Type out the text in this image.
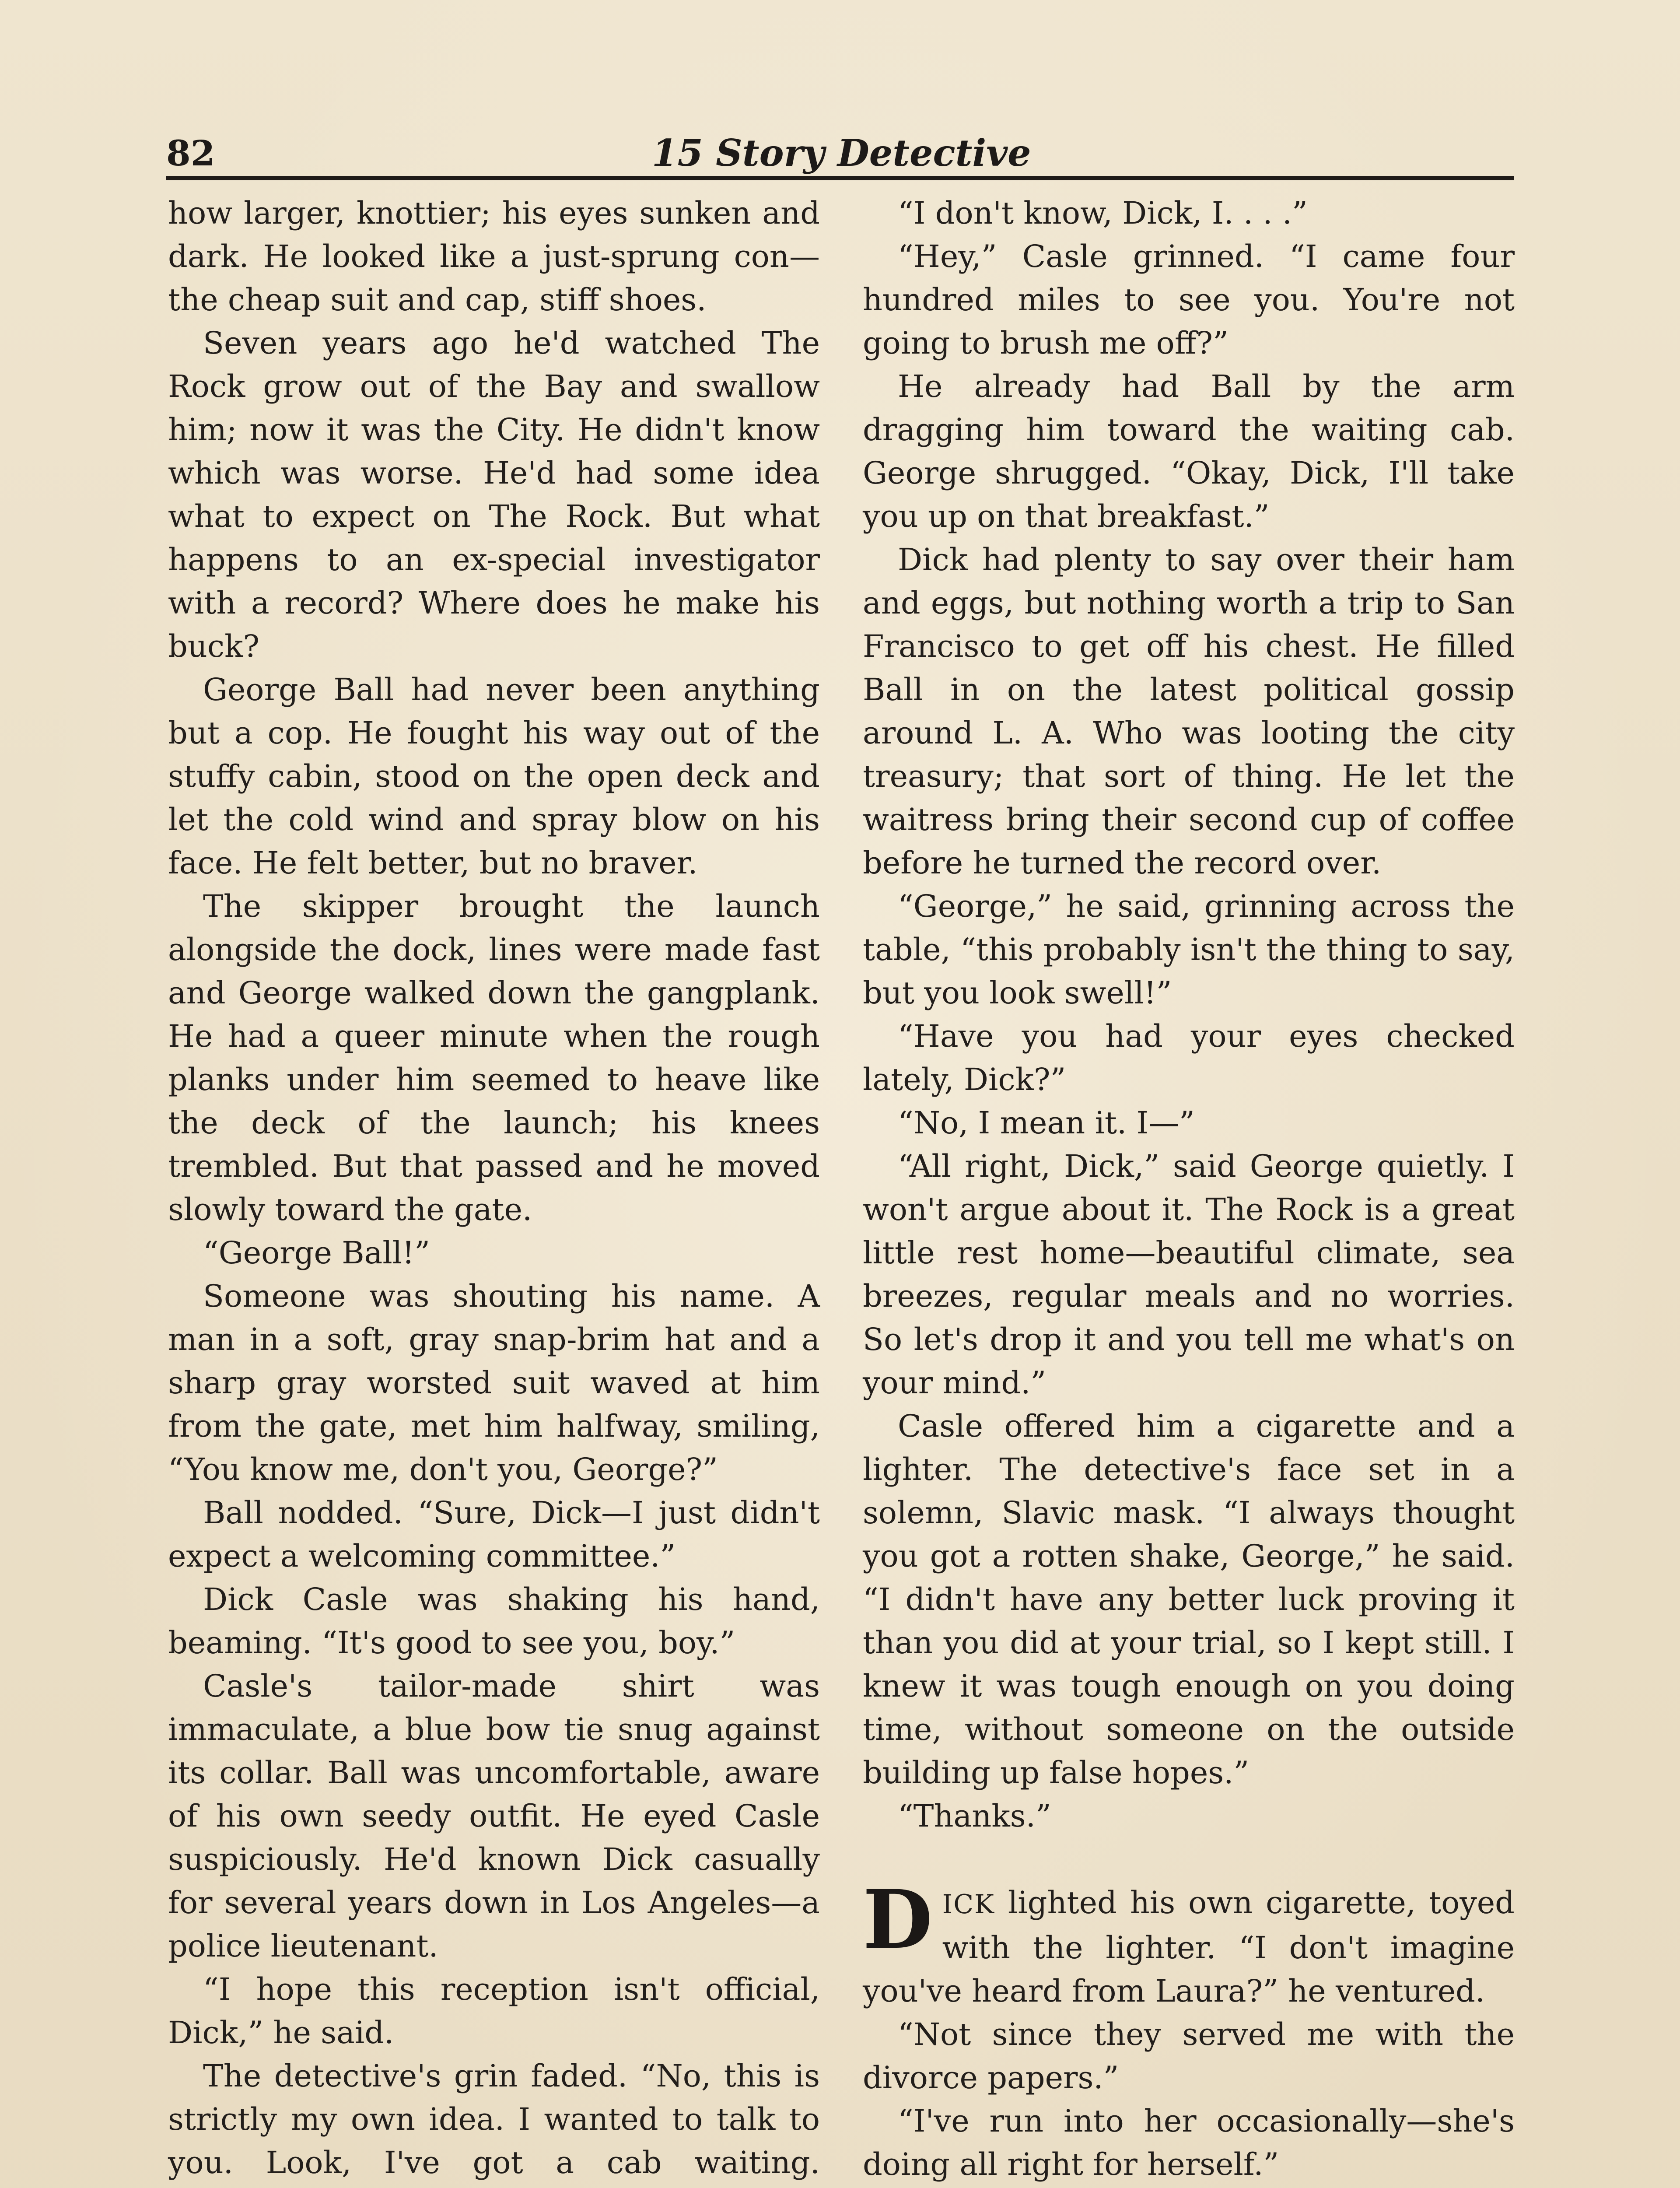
82	15 Story Detective

how larger, knottier; his eyes sunken and dark. He looked like a just-sprung con—the cheap suit and cap, stiff shoes.

Seven years ago he'd watched The Rock grow out of the Bay and swallow him; now it was the City. He didn't know which was worse. He'd had some idea what to expect on The Rock. But what happens to an ex-special investigator with a record? Where does he make his buck?

George Ball had never been anything but a cop. He fought his way out of the stuffy cabin, stood on the open deck and let the cold wind and spray blow on his face. He felt better, but no braver.

The skipper brought the launch alongside the dock, lines were made fast and George walked down the gangplank. He had a queer minute when the rough planks under him seemed to heave like the deck of the launch; his knees trembled. But that passed and he moved slowly toward the gate.

“George Ball!”

Someone was shouting his name. A man in a soft, gray snap-brim hat and a sharp gray worsted suit waved at him from the gate, met him halfway, smiling, “You know me, don't you, George?”

Ball nodded. “Sure, Dick—I just didn't expect a welcoming committee.”

Dick Casle was shaking his hand, beaming. “It's good to see you, boy.”

Casle's tailor-made shirt was immaculate, a blue bow tie snug against its collar. Ball was uncomfortable, aware of his own seedy outfit. He eyed Casle suspiciously. He'd known Dick casually for several years down in Los Angeles—a police lieutenant.

“I hope this reception isn't official, Dick,” he said.

The detective's grin faded. “No, this is strictly my own idea. I wanted to talk to you. Look, I've got a cab waiting.

“I don't know, Dick, I. . . .”

“Hey,” Casle grinned. “I came four hundred miles to see you. You're not going to brush me off?”

He already had Ball by the arm dragging him toward the waiting cab. George shrugged. “Okay, Dick, I'll take you up on that breakfast.”

Dick had plenty to say over their ham and eggs, but nothing worth a trip to San Francisco to get off his chest. He filled Ball in on the latest political gossip around L. A. Who was looting the city treasury; that sort of thing. He let the waitress bring their second cup of coffee before he turned the record over.

“George,” he said, grinning across the table, “this probably isn't the thing to say, but you look swell!”

“Have you had your eyes checked lately, Dick?”

“No, I mean it. I—”

“All right, Dick,” said George quietly. I won't argue about it. The Rock is a great little rest home—beautiful climate, sea breezes, regular meals and no worries. So let's drop it and you tell me what's on your mind.”

Casle offered him a cigarette and a lighter. The detective's face set in a solemn, Slavic mask. “I always thought you got a rotten shake, George,” he said. “I didn't have any better luck proving it than you did at your trial, so I kept still. I knew it was tough enough on you doing time, without someone on the outside building up false hopes.”

“Thanks.”

DICK lighted his own cigarette, toyed with the lighter. “I don't imagine you've heard from Laura?” he ventured.

“Not since they served me with the divorce papers.”

“I've run into her occasionally—she's doing all right for herself.”
